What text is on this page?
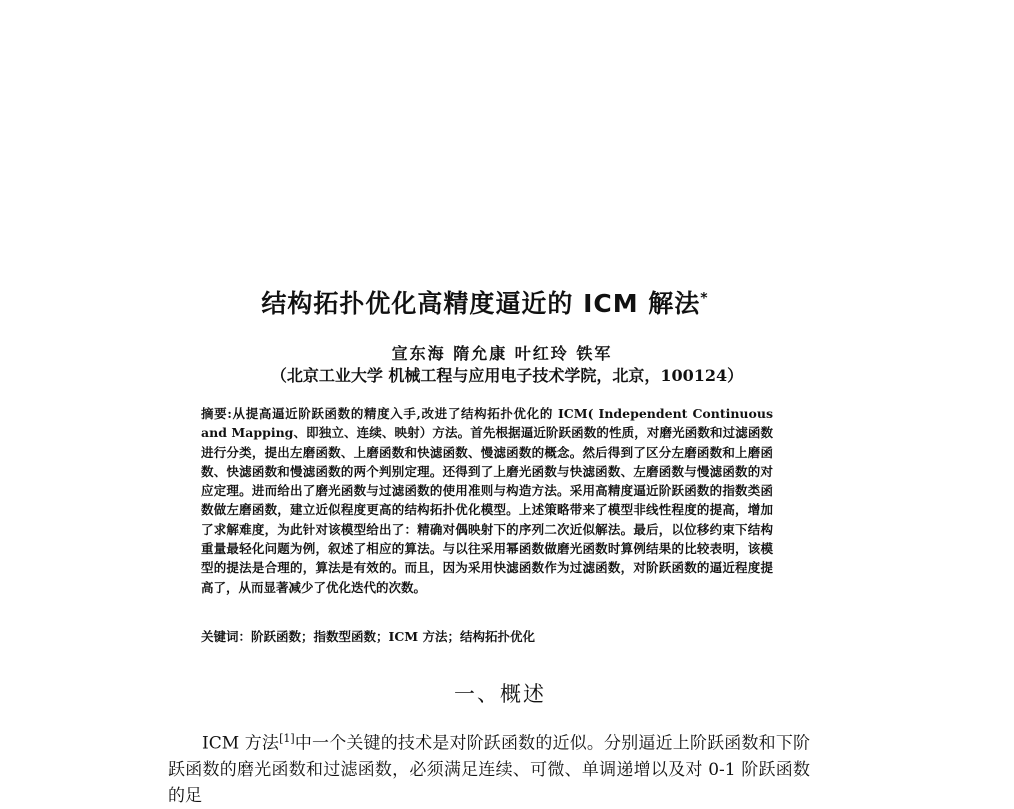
结构拓扑优化高精度逼近的 ICM 解法*
宣东海 隋允康 叶红玲 铁军
（北京工业大学 机械工程与应用电子技术学院，北京，100124）
摘要:从提高逼近阶跃函数的精度入手,改进了结构拓扑优化的 ICM( Independent Continuous and Mapping、即独立、连续、映射）方法。首先根据逼近阶跃函数的性质，对磨光函数和过滤函数进行分类，提出左磨函数、上磨函数和快滤函数、慢滤函数的概念。然后得到了区分左磨函数和上磨函数、快滤函数和慢滤函数的两个判别定理。还得到了上磨光函数与快滤函数、左磨函数与慢滤函数的对应定理。进而给出了磨光函数与过滤函数的使用准则与构造方法。采用高精度逼近阶跃函数的指数类函数做左磨函数，建立近似程度更高的结构拓扑优化模型。上述策略带来了模型非线性程度的提高，增加了求解难度，为此针对该模型给出了：精确对偶映射下的序列二次近似解法。最后，以位移约束下结构重量最轻化问题为例，叙述了相应的算法。与以往采用幂函数做磨光函数时算例结果的比较表明，该模型的提法是合理的，算法是有效的。而且，因为采用快滤函数作为过滤函数，对阶跃函数的逼近程度提高了，从而显著减少了优化迭代的次数。
关键词：阶跃函数；指数型函数；ICM 方法；结构拓扑优化
一、概述
ICM 方法[1]中一个关键的技术是对阶跃函数的近似。分别逼近上阶跃函数和下阶跃函数的磨光函数和过滤函数，必须满足连续、可微、单调递增以及对 0-1 阶跃函数的足
